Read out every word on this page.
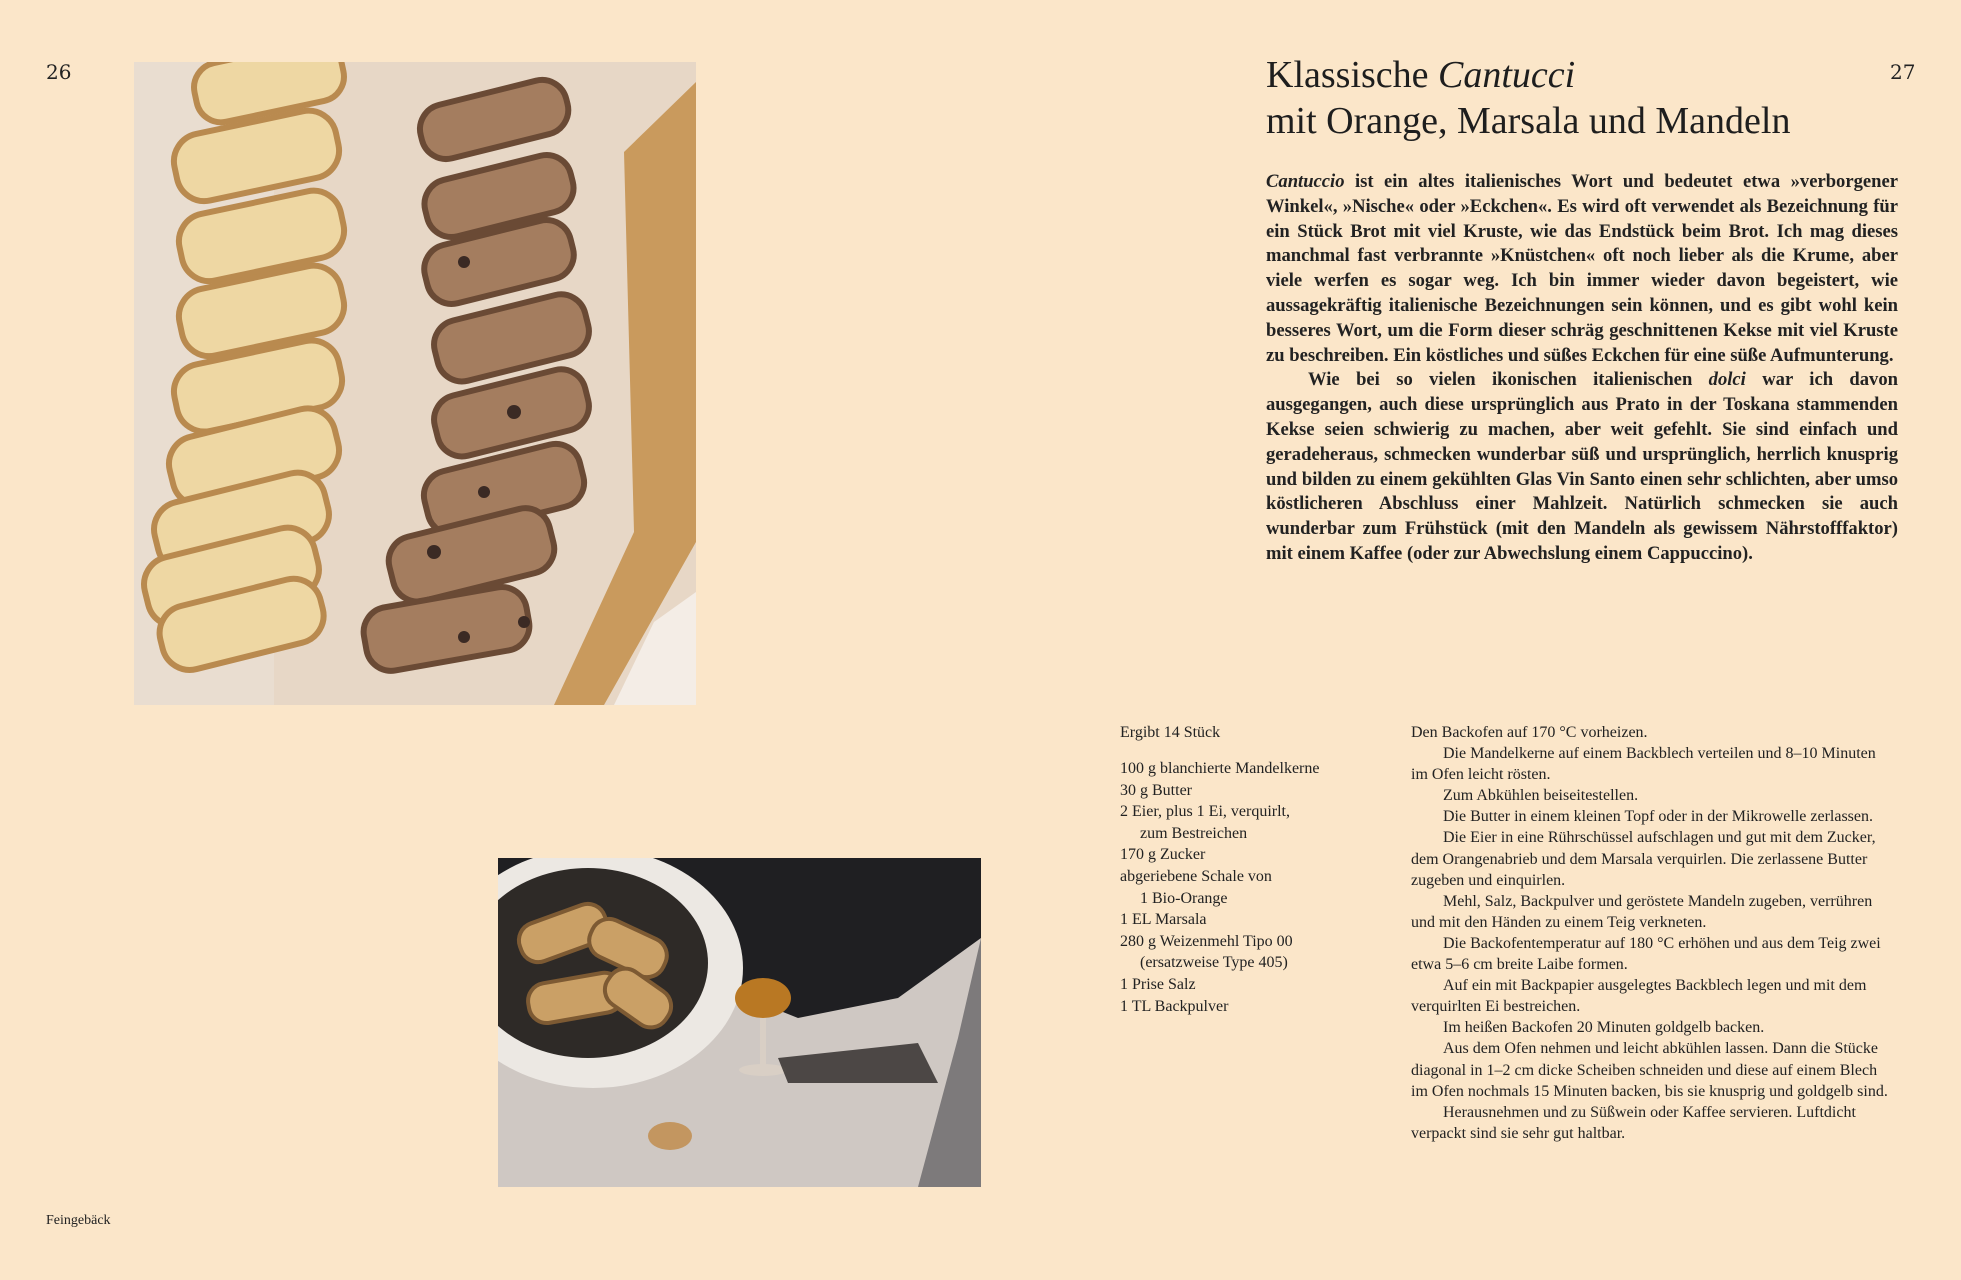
26	27
Klassische Cantucci
mit Orange, Marsala und Mandeln

Cantuccio ist ein altes italienisches Wort und bedeutet etwa »verborgener Winkel«, »Nische« oder »Eckchen«. Es wird oft verwendet als Bezeichnung für ein Stück Brot mit viel Kruste, wie das Endstück beim Brot. Ich mag dieses manchmal fast verbrannte »Knüstchen« oft noch lieber als die Krume, aber viele werfen es sogar weg. Ich bin immer wieder davon begeistert, wie aussagekräftig italienische Bezeichnungen sein können, und es gibt wohl kein besseres Wort, um die Form dieser schräg geschnittenen Kekse mit viel Kruste zu beschreiben. Ein köstliches und süßes Eckchen für eine süße Aufmunterung.

Wie bei so vielen ikonischen italienischen dolci war ich davon ausgegangen, auch diese ursprünglich aus Prato in der Toskana stammenden Kekse seien schwierig zu machen, aber weit gefehlt. Sie sind einfach und geradeheraus, schmecken wunderbar süß und ursprünglich, herrlich knusprig und bilden zu einem gekühlten Glas Vin Santo einen sehr schlichten, aber umso köstlicheren Abschluss einer Mahlzeit. Natürlich schmecken sie auch wunderbar zum Frühstück (mit den Mandeln als gewissem Nährstofffaktor) mit einem Kaffee (oder zur Abwechslung einem Cappuccino).

Ergibt 14 Stück
100 g blanchierte Mandelkerne
30 g Butter
2 Eier, plus 1 Ei, verquirlt,
zum Bestreichen
170 g Zucker
abgeriebene Schale von
1 Bio-Orange
1 EL Marsala
280 g Weizenmehl Tipo 00
(ersatzweise Type 405)
1 Prise Salz
1 TL Backpulver

Den Backofen auf 170 °C vorheizen.

Die Mandelkerne auf einem Backblech verteilen und 8–10 Minuten im Ofen leicht rösten.

Zum Abkühlen beiseitestellen.

Die Butter in einem kleinen Topf oder in der Mikrowelle zerlassen.

Die Eier in eine Rührschüssel aufschlagen und gut mit dem Zucker, dem Orangenabrieb und dem Marsala verquirlen. Die zerlassene Butter zugeben und einquirlen.

Mehl, Salz, Backpulver und geröstete Mandeln zugeben, verrühren und mit den Händen zu einem Teig verkneten.

Die Backofentemperatur auf 180 °C erhöhen und aus dem Teig zwei etwa 5–6 cm breite Laibe formen.

Auf ein mit Backpapier ausgelegtes Backblech legen und mit dem verquirlten Ei bestreichen.

Im heißen Backofen 20 Minuten goldgelb backen.

Aus dem Ofen nehmen und leicht abkühlen lassen. Dann die Stücke diagonal in 1–2 cm dicke Scheiben schneiden und diese auf einem Blech im Ofen nochmals 15 Minuten backen, bis sie knusprig und goldgelb sind.

Herausnehmen und zu Süßwein oder Kaffee servieren. Luftdicht verpackt sind sie sehr gut haltbar.

Feingebäck
